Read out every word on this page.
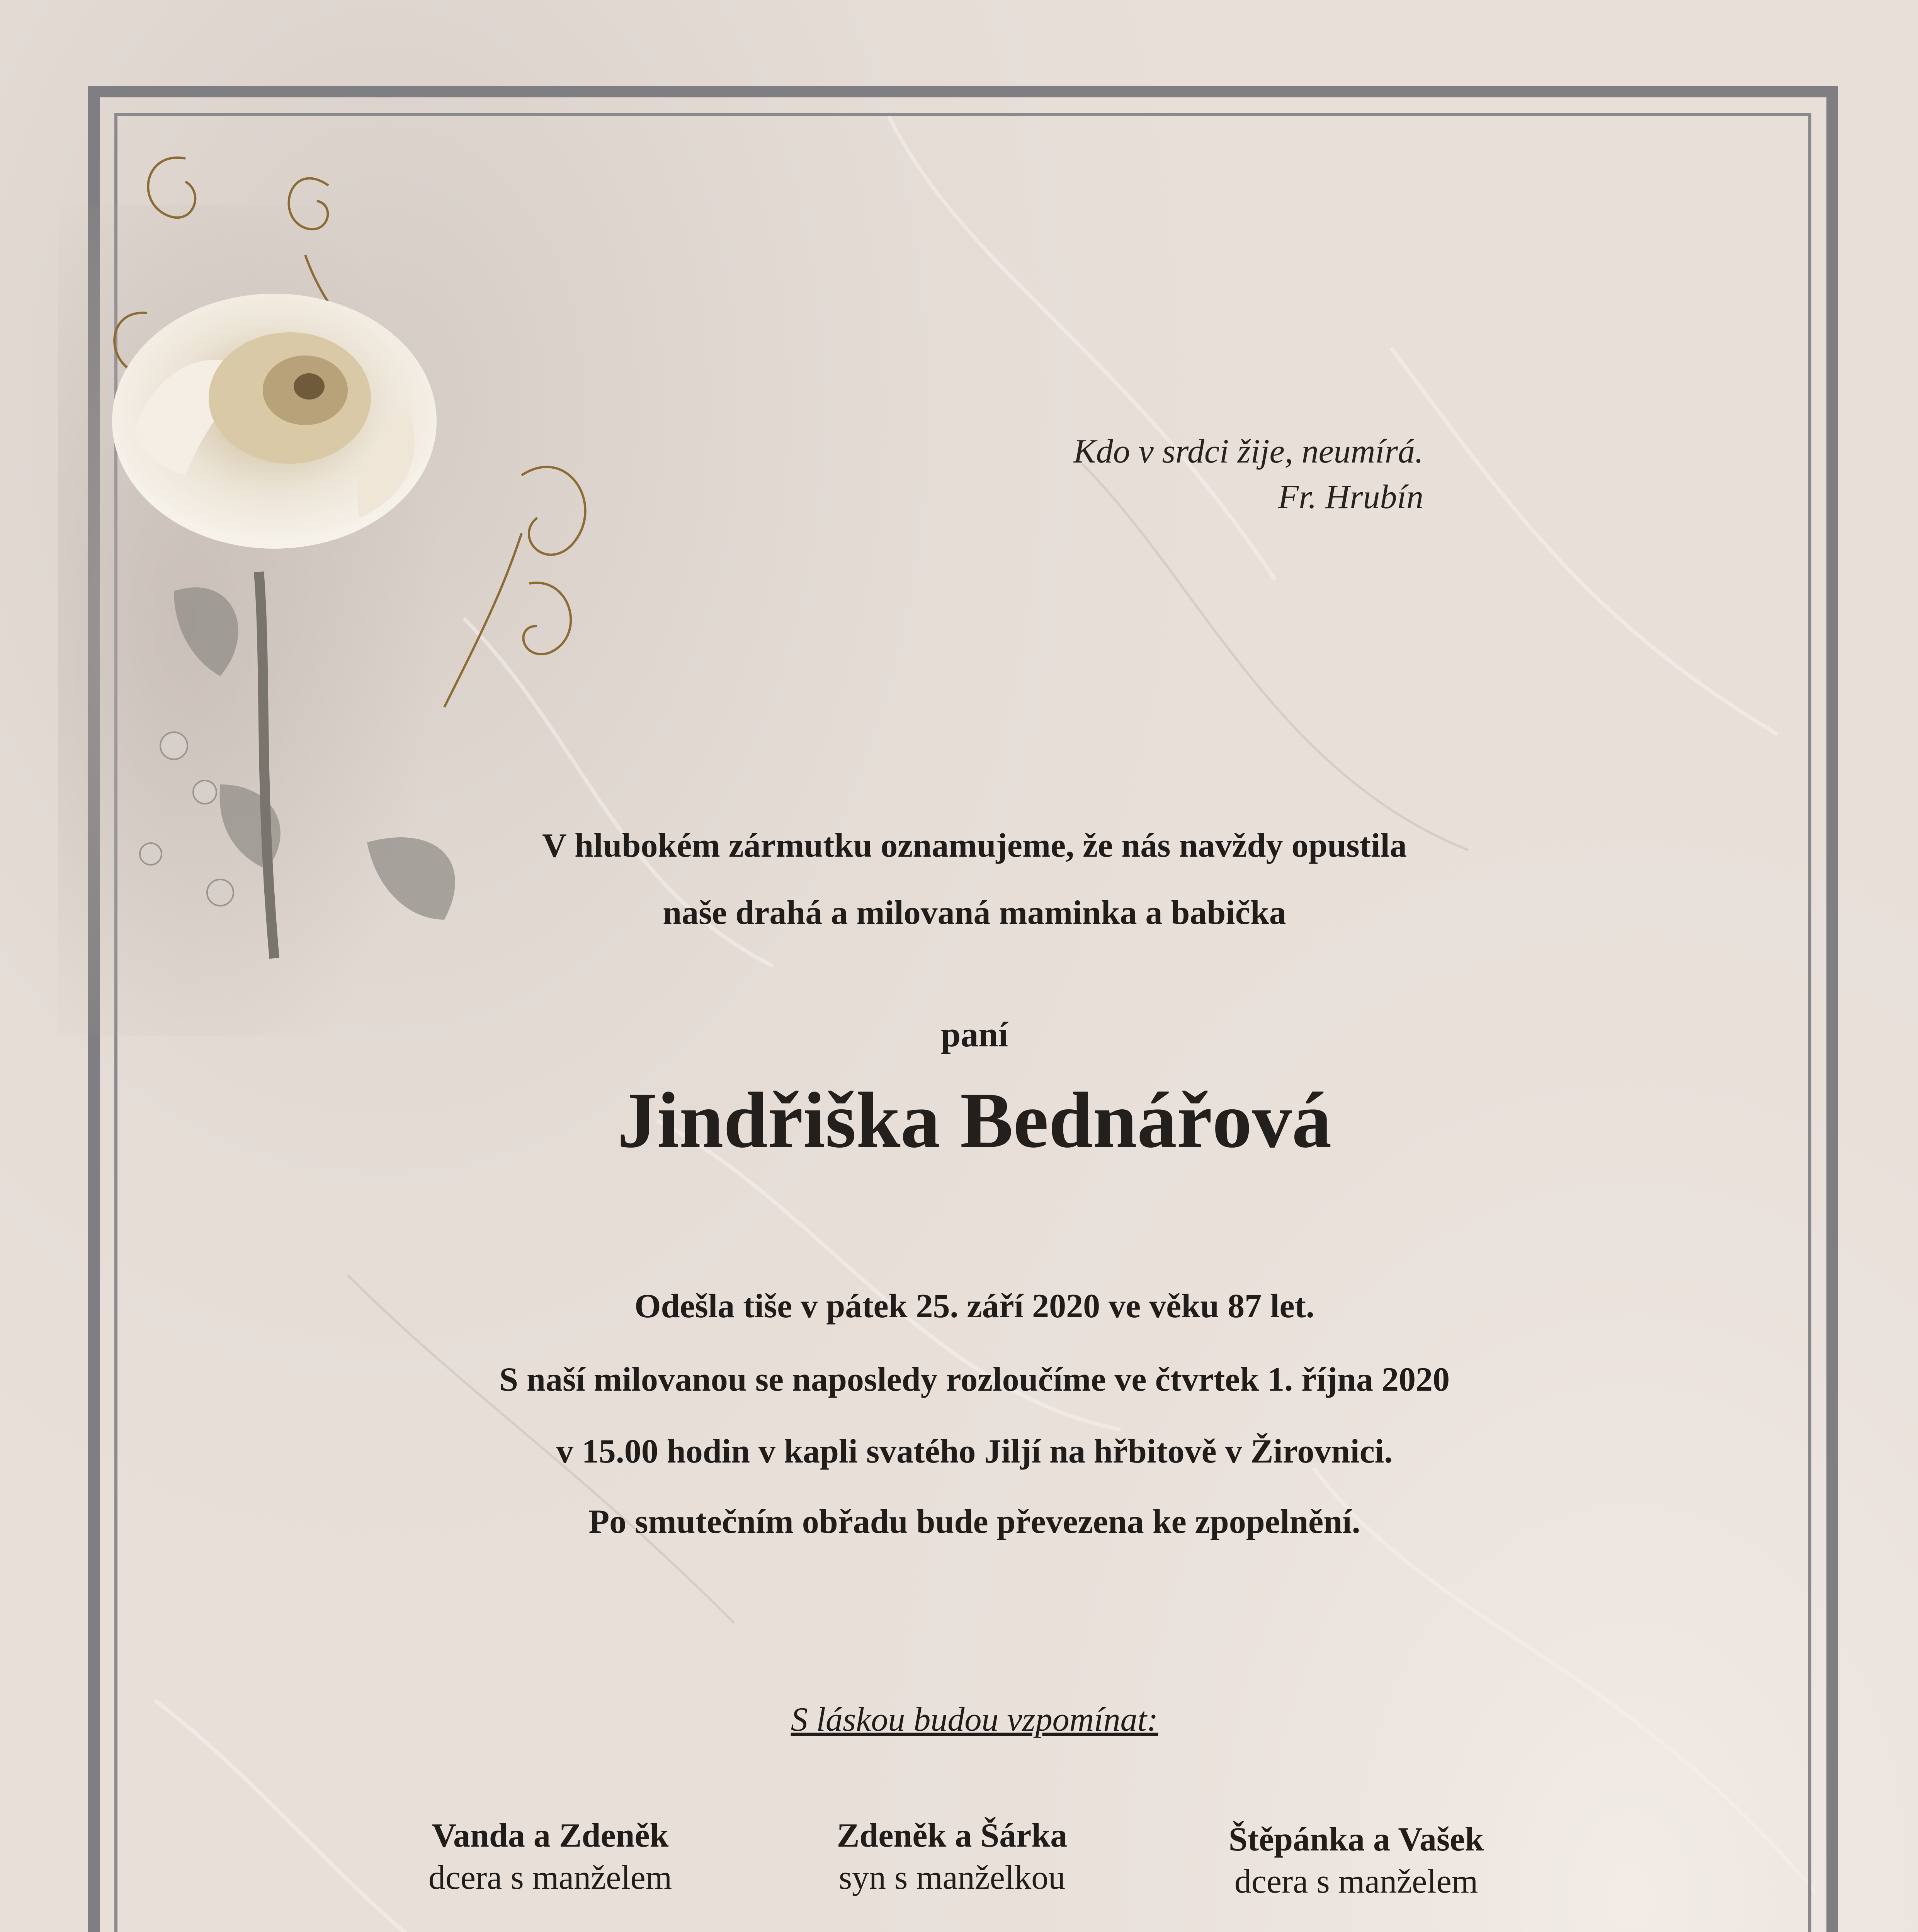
Kdo v srdci žije, neumírá.
Fr. Hrubín
V hlubokém zármutku oznamujeme, že nás navždy opustila
naše drahá a milovaná maminka a babička
paní
Jindřiška Bednářová
Odešla tiše v pátek 25. září 2020 ve věku 87 let.
S naší milovanou se naposledy rozloučíme ve čtvrtek 1. října 2020
v 15.00 hodin v kapli svatého Jiljí na hřbitově v Žirovnici.
Po smutečním obřadu bude převezena ke zpopelnění.
S láskou budou vzpomínat:
Vanda a Zdeněk
dcera s manželem
Zdeněk a Šárka
syn s manželkou
Štěpánka a Vašek
dcera s manželem
